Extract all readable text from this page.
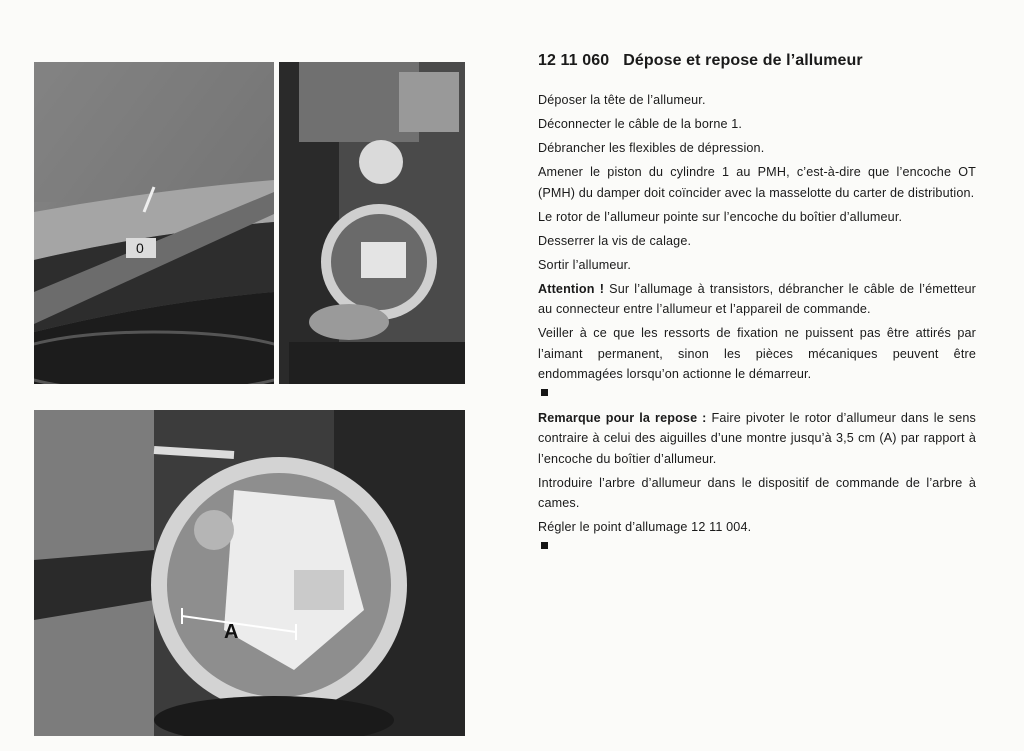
0
A
12 11 060 Dépose et repose de l’allumeur

Déposer la tête de l’allumeur.

Déconnecter le câble de la borne 1.

Débrancher les flexibles de dépression.

Amener le piston du cylindre 1 au PMH, c’est-à-dire que l’encoche OT (PMH) du damper doit coïncider avec la masselotte du carter de distribution.

Le rotor de l’allumeur pointe sur l’encoche du boîtier d’allumeur.

Desserrer la vis de calage.

Sortir l’allumeur.

Attention ! Sur l’allumage à transistors, débrancher le câble de l’émetteur au connecteur entre l’allumeur et l’appareil de commande.

Veiller à ce que les ressorts de fixation ne puissent pas être attirés par l’aimant permanent, sinon les pièces mécaniques peuvent être endommagées lorsqu’on actionne le démarreur.

Remarque pour la repose : Faire pivoter le rotor d’allumeur dans le sens contraire à celui des aiguilles d’une montre jusqu’à 3,5 cm (A) par rapport à l’encoche du boîtier d’allumeur.

Introduire l’arbre d’allumeur dans le dispositif de commande de l’arbre à cames.

Régler le point d’allumage 12 11 004.
